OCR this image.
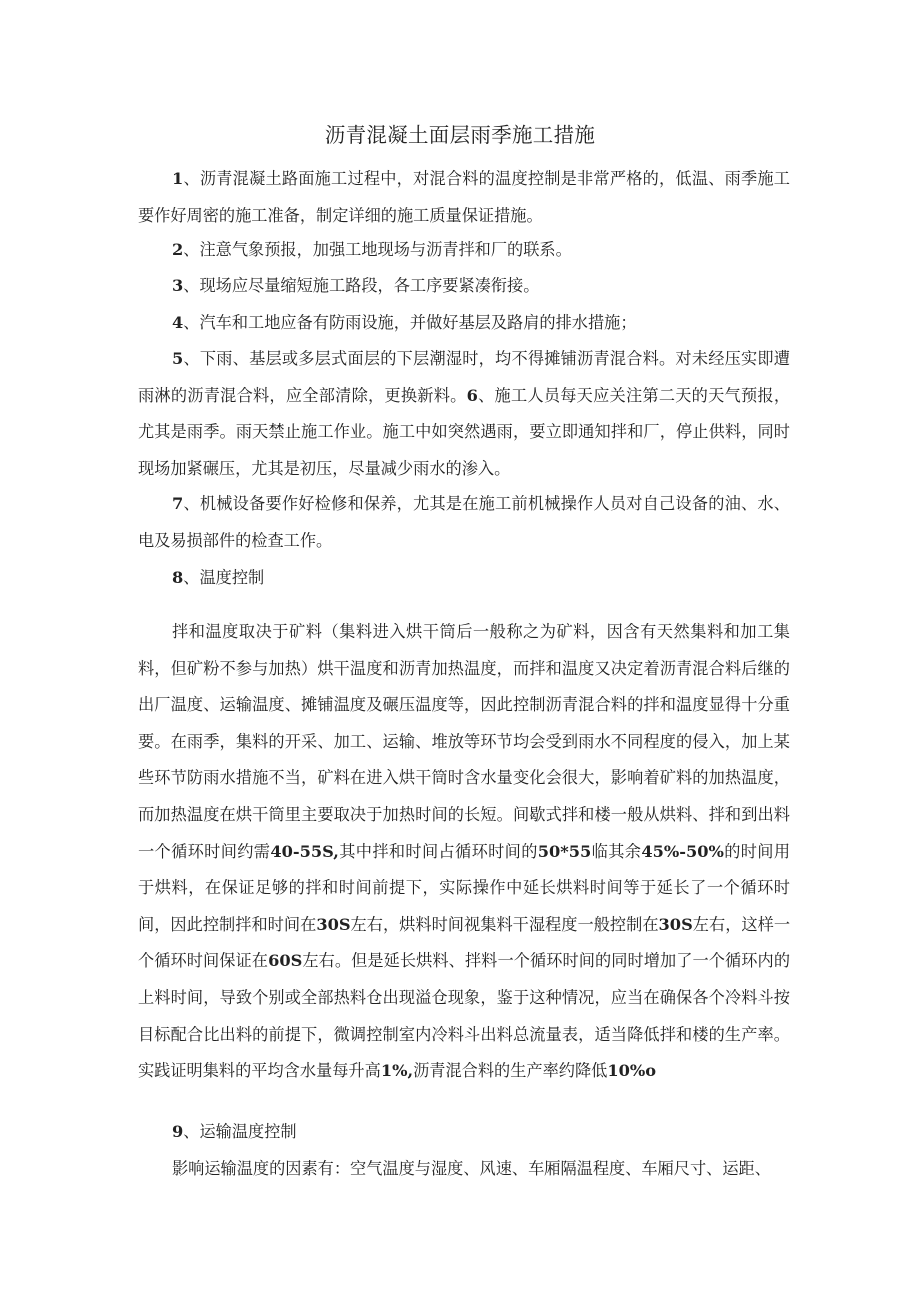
沥青混凝土面层雨季施工措施
1、沥青混凝土路面施工过程中，对混合料的温度控制是非常严格的，低温、雨季施工要作好周密的施工准备，制定详细的施工质量保证措施。
2、注意气象预报，加强工地现场与沥青拌和厂的联系。
3、现场应尽量缩短施工路段，各工序要紧凑衔接。
4、汽车和工地应备有防雨设施，并做好基层及路肩的排水措施；
5、下雨、基层或多层式面层的下层潮湿时，均不得摊铺沥青混合料。对未经压实即遭雨淋的沥青混合料，应全部清除，更换新料。6、施工人员每天应关注第二天的天气预报，尤其是雨季。雨天禁止施工作业。施工中如突然遇雨，要立即通知拌和厂，停止供料，同时现场加紧碾压，尤其是初压，尽量减少雨水的渗入。
7、机械设备要作好检修和保养，尤其是在施工前机械操作人员对自己设备的油、水、电及易损部件的检查工作。
8、温度控制
拌和温度取决于矿料（集料进入烘干筒后一般称之为矿料，因含有天然集料和加工集料，但矿粉不参与加热）烘干温度和沥青加热温度，而拌和温度又决定着沥青混合料后继的出厂温度、运输温度、摊铺温度及碾压温度等，因此控制沥青混合料的拌和温度显得十分重要。在雨季，集料的开采、加工、运输、堆放等环节均会受到雨水不同程度的侵入，加上某些环节防雨水措施不当，矿料在进入烘干筒时含水量变化会很大，影响着矿料的加热温度，而加热温度在烘干筒里主要取决于加热时间的长短。间歇式拌和楼一般从烘料、拌和到出料一个循环时间约需40-55S,其中拌和时间占循环时间的50*55临其余45%-50%的时间用于烘料，在保证足够的拌和时间前提下，实际操作中延长烘料时间等于延长了一个循环时间，因此控制拌和时间在30S左右，烘料时间视集料干湿程度一般控制在30S左右，这样一个循环时间保证在60S左右。但是延长烘料、拌料一个循环时间的同时增加了一个循环内的上料时间，导致个别或全部热料仓出现溢仓现象，鉴于这种情况，应当在确保各个冷料斗按目标配合比出料的前提下，微调控制室内冷料斗出料总流量表，适当降低拌和楼的生产率。实践证明集料的平均含水量每升高1%,沥青混合料的生产率约降低10%o
9、运输温度控制
影响运输温度的因素有：空气温度与湿度、风速、车厢隔温程度、车厢尺寸、运距、
